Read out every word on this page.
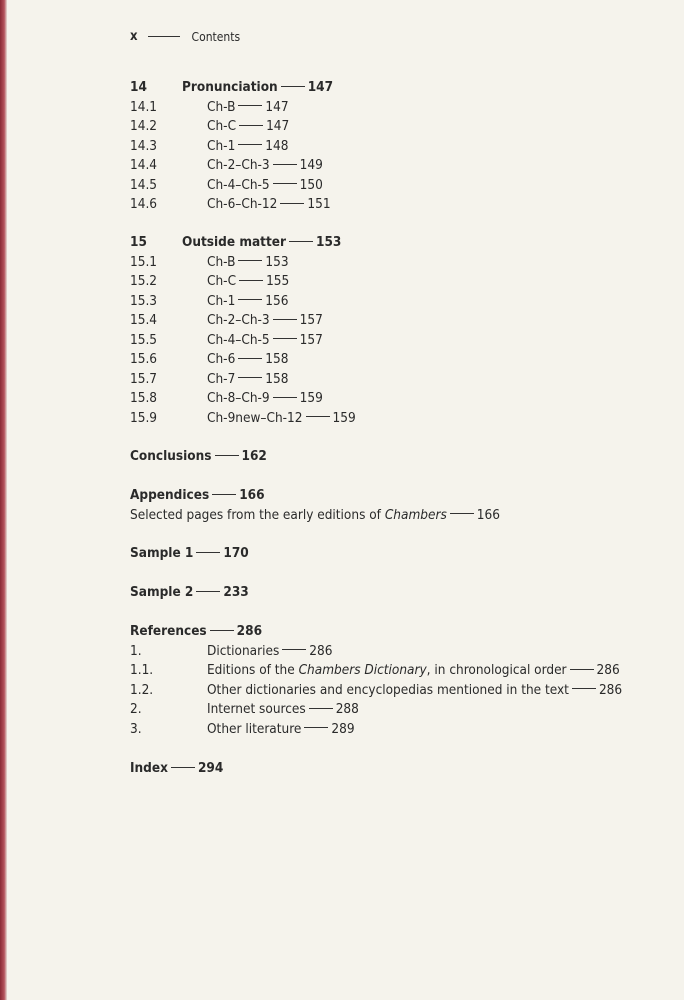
x	Contents
14	Pronunciation 147
14.1	Ch-B 147
14.2	Ch-C 147
14.3	Ch-1 148
14.4	Ch-2–Ch-3 149
14.5	Ch-4–Ch-5 150
14.6	Ch-6–Ch-12 151
15	Outside matter 153
15.1	Ch-B 153
15.2	Ch-C 155
15.3	Ch-1 156
15.4	Ch-2–Ch-3 157
15.5	Ch-4–Ch-5 157
15.6	Ch-6 158
15.7	Ch-7 158
15.8	Ch-8–Ch-9 159
15.9	Ch-9new–Ch-12 159
Conclusions 162
Appendices 166
Selected pages from the early editions of Chambers 166
Sample 1 170
Sample 2 233
References 286
1.	Dictionaries 286
1.1.	Editions of the Chambers Dictionary, in chronological order 286
1.2.	Other dictionaries and encyclopedias mentioned in the text 286
2.	Internet sources 288
3.	Other literature 289
Index 294
